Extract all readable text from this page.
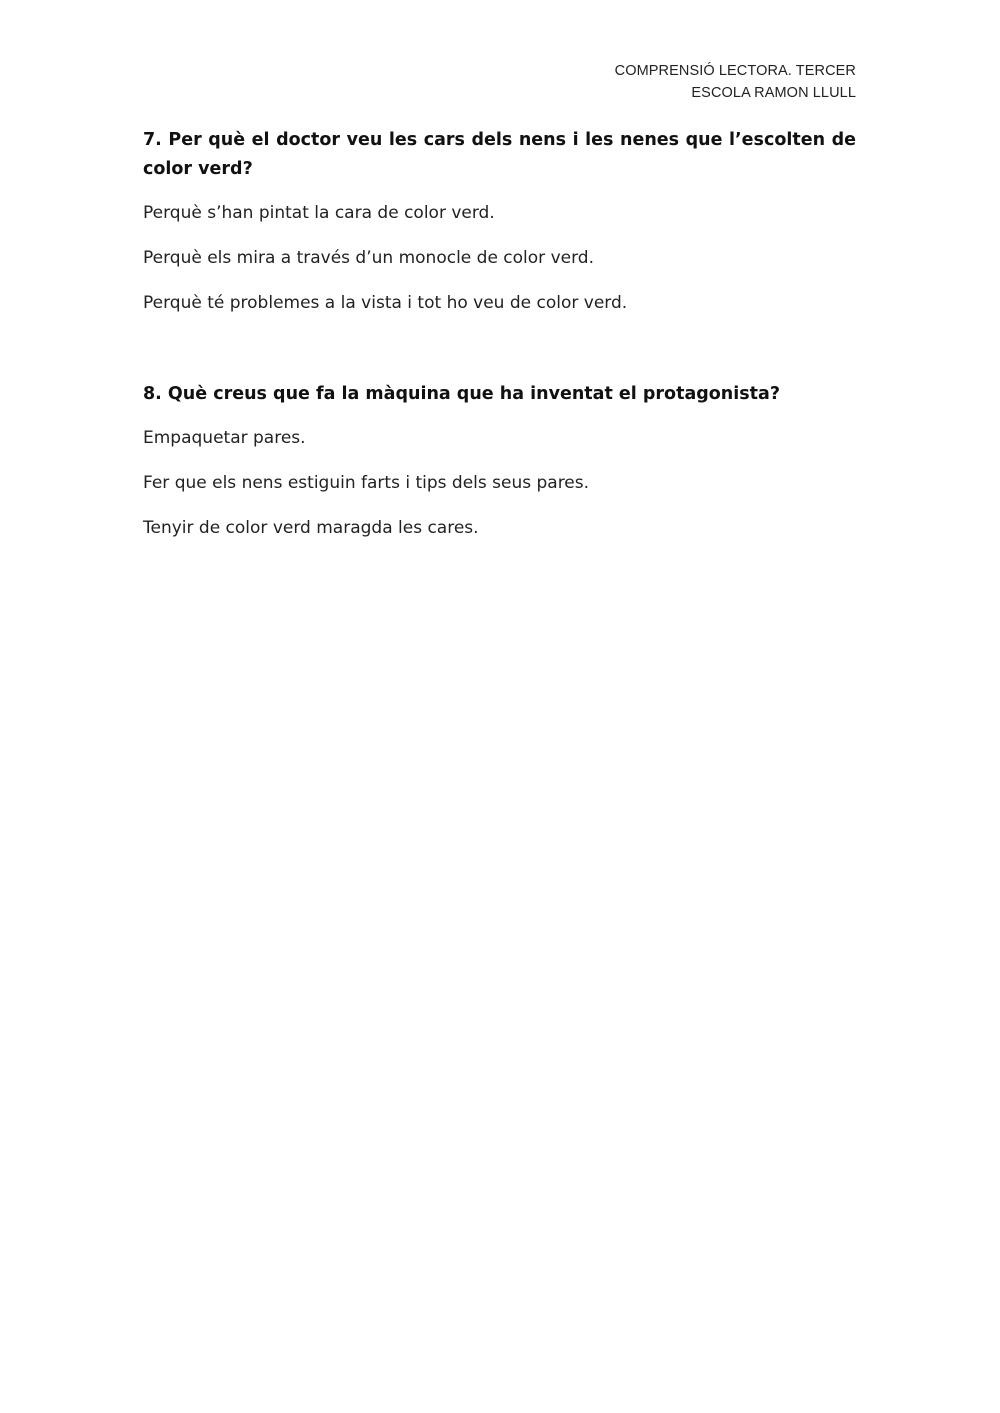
COMPRENSIÓ LECTORA. TERCER
ESCOLA RAMON LLULL

7. Per què el doctor veu les cars dels nens i les nenes que l’escolten de color verd?

Perquè s’han pintat la cara de color verd.
Perquè els mira a través d’un monocle de color verd.
Perquè té problemes a la vista i tot ho veu de color verd.

8. Què creus que fa la màquina que ha inventat el protagonista?

Empaquetar pares.
Fer que els nens estiguin farts i tips dels seus pares.
Tenyir de color verd maragda les cares.
